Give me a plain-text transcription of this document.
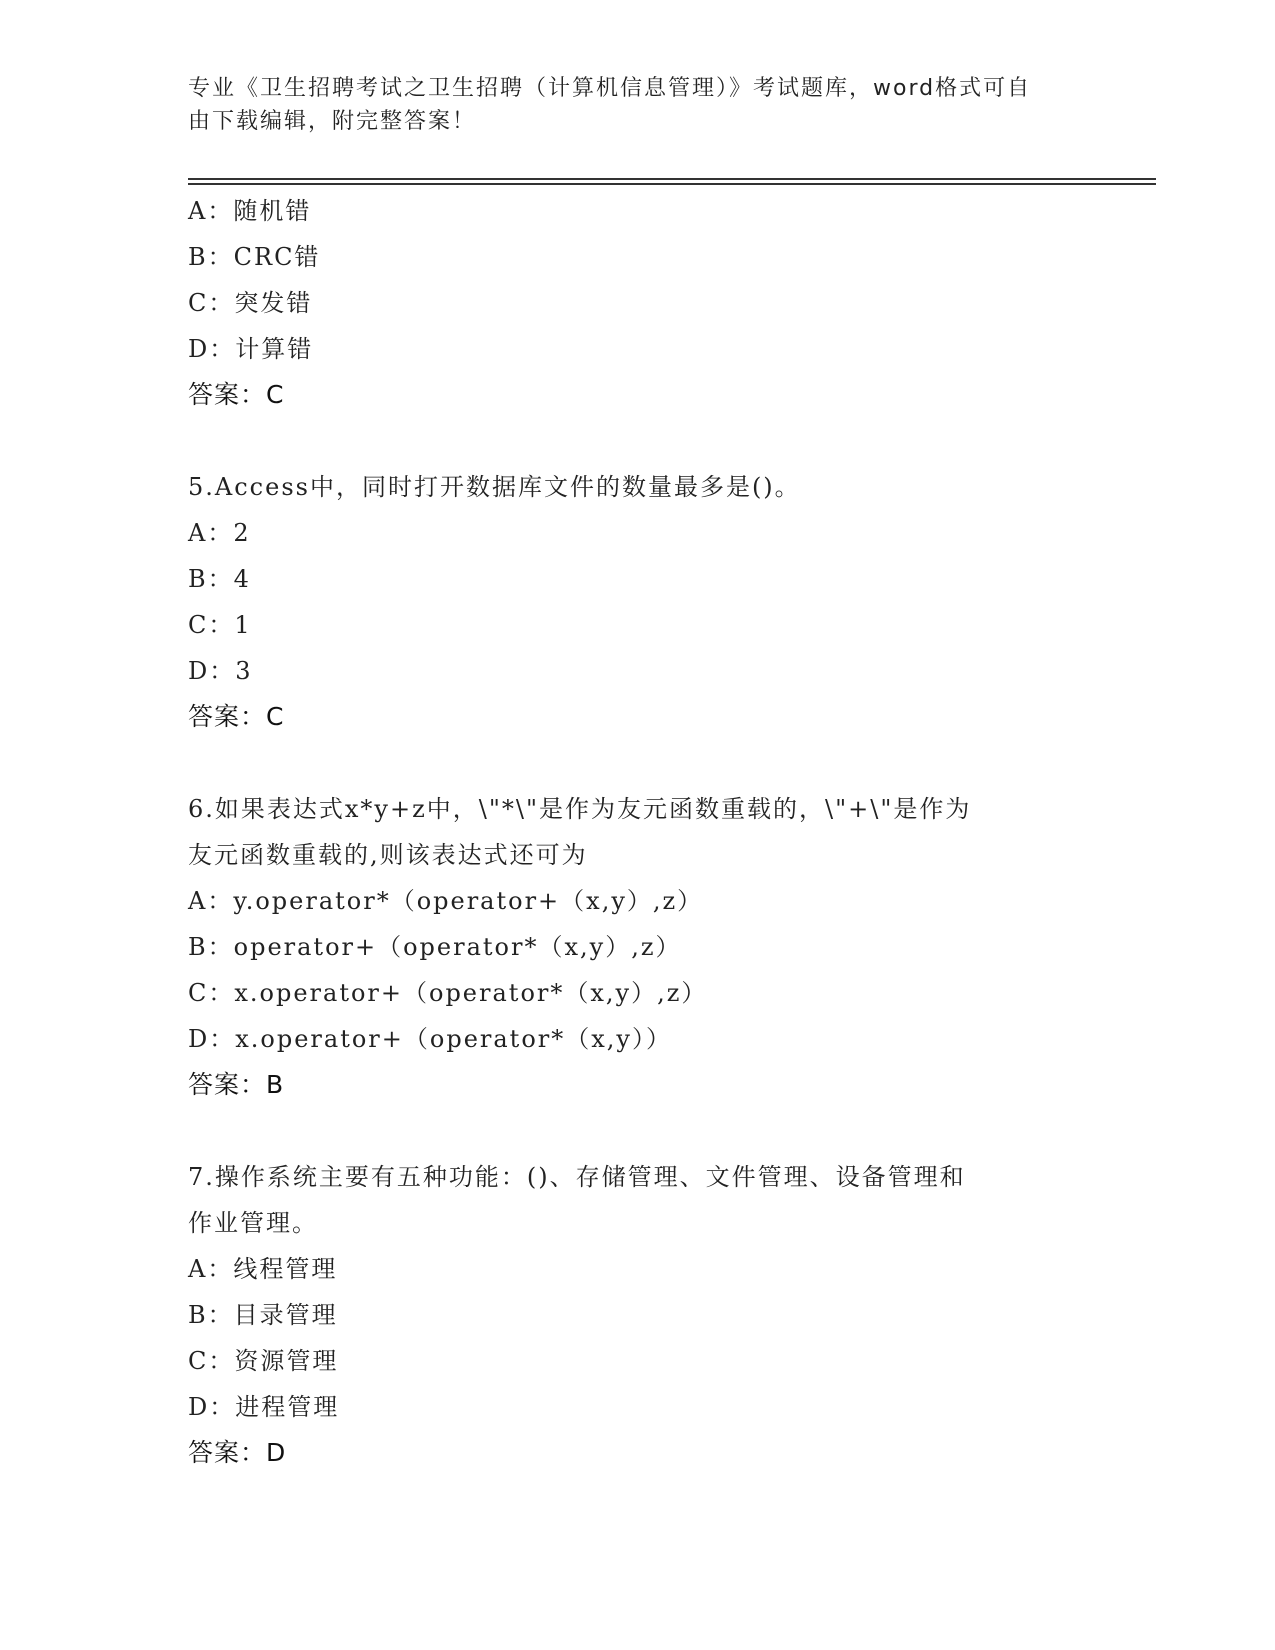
专业《卫生招聘考试之卫生招聘（计算机信息管理）》考试题库，word格式可自
由下载编辑，附完整答案！
A：随机错
B：CRC错
C：突发错
D：计算错
答案：C
5.Access中，同时打开数据库文件的数量最多是()。
A：2
B：4
C：1
D：3
答案：C
6.如果表达式x*y+z中，\"*\"是作为友元函数重载的，\"+\"是作为
友元函数重载的,则该表达式还可为
A：y.operator*（operator+（x,y）,z）
B：operator+（operator*（x,y）,z）
C：x.operator+（operator*（x,y）,z）
D：x.operator+（operator*（x,y））
答案：B
7.操作系统主要有五种功能：()、存储管理、文件管理、设备管理和
作业管理。
A：线程管理
B：目录管理
C：资源管理
D：进程管理
答案：D
